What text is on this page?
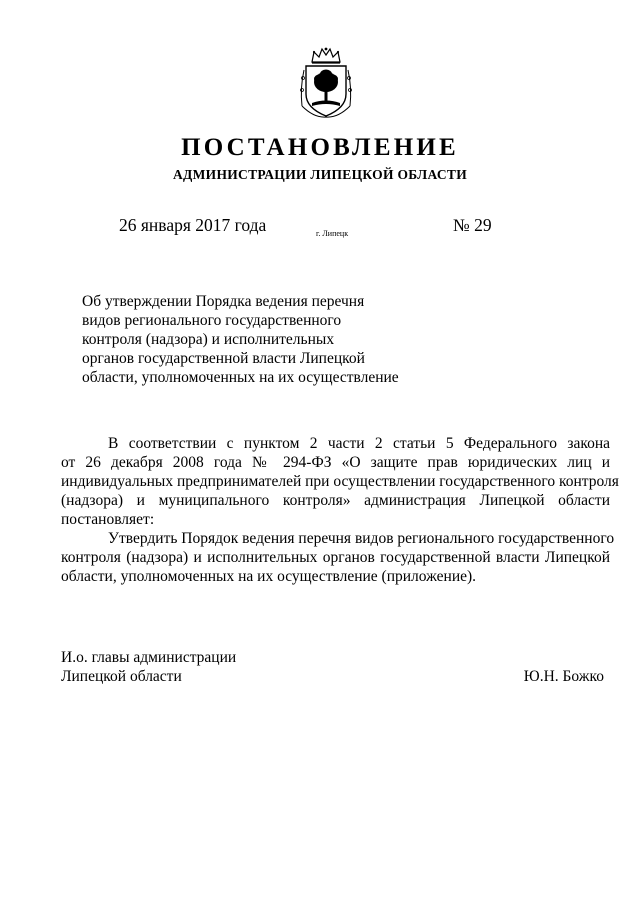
ПОСТАНОВЛЕНИЕ
АДМИНИСТРАЦИИ ЛИПЕЦКОЙ ОБЛАСТИ
26 января 2017 года	г. Липецк	№ 29
Об утверждении Порядка ведения перечня
видов регионального государственного
контроля (надзора) и исполнительных
органов государственной власти Липецкой
области, уполномоченных на их осуществление
В соответствии с пунктом 2 части 2 статьи 5 Федерального закона
от 26 декабря 2008 года № 294-ФЗ «О защите прав юридических лиц и
индивидуальных предпринимателей при осуществлении государственного контроля
(надзора) и муниципального контроля» администрация Липецкой области
постановляет:
Утвердить Порядок ведения перечня видов регионального государственного
контроля (надзора) и исполнительных органов государственной власти Липецкой
области, уполномоченных на их осуществление (приложение).
И.о. главы администрации
Липецкой области	Ю.Н. Божко
